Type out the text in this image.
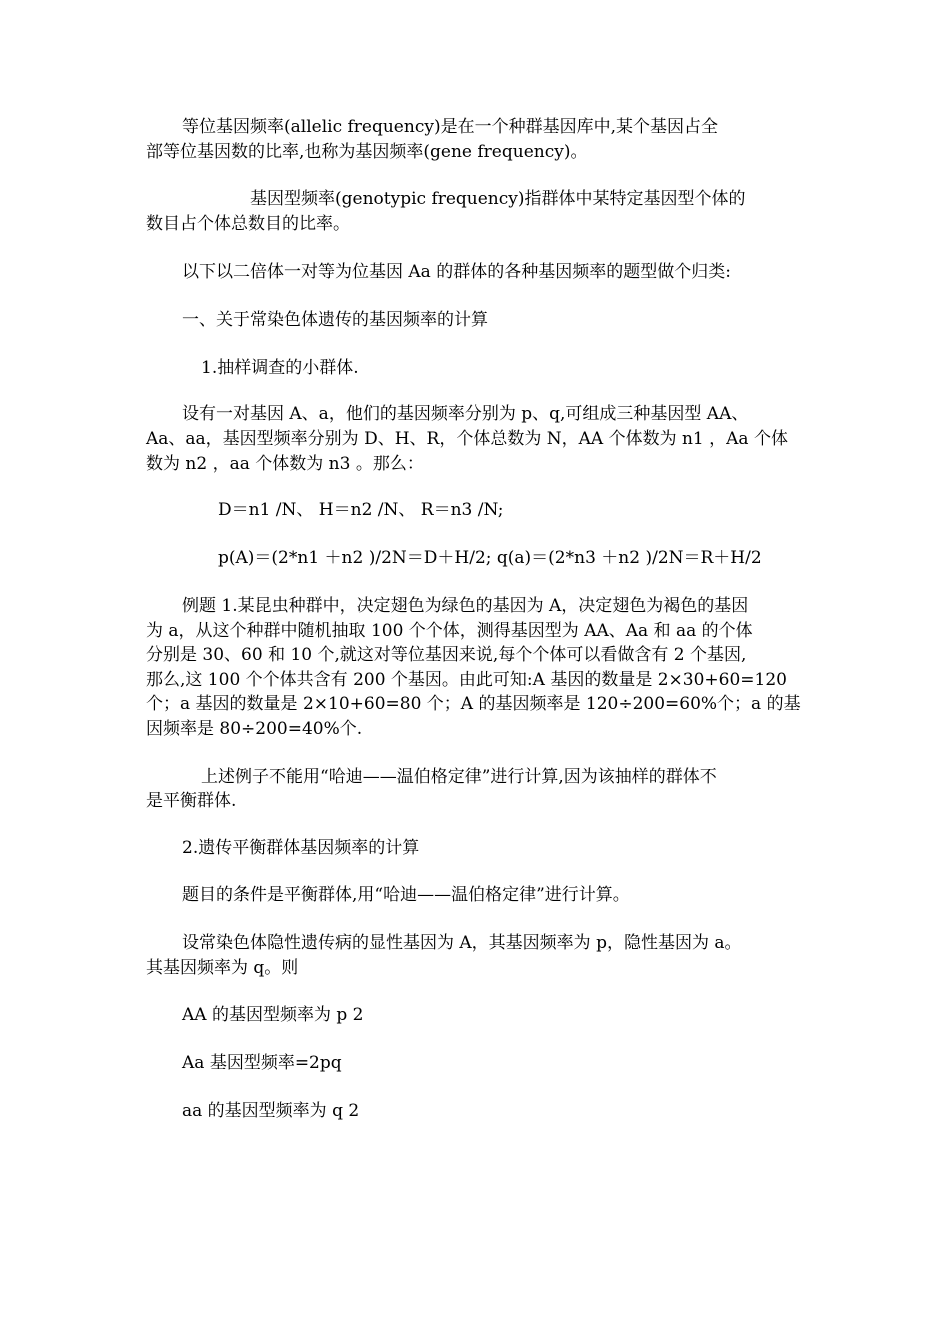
等位基因频率(allelic frequency)是在一个种群基因库中,某个基因占全
部等位基因数的比率,也称为基因频率(gene frequency)。
基因型频率(genotypic frequency)指群体中某特定基因型个体的
数目占个体总数目的比率。
以下以二倍体一对等为位基因 Aa 的群体的各种基因频率的题型做个归类:
一、关于常染色体遗传的基因频率的计算
1.抽样调查的小群体.
设有一对基因 A、a，他们的基因频率分别为 p、q,可组成三种基因型 AA、
Aa、aa，基因型频率分别为 D、H、R，个体总数为 N，AA 个体数为 n1 ，Aa 个体
数为 n2 ，aa 个体数为 n3 。那么：
D＝n1 /N、 H＝n2 /N、 R＝n3 /N;
p(A)＝(2*n1 ＋n2 )/2N＝D＋H/2; q(a)＝(2*n3 ＋n2 )/2N＝R＋H/2
例题 1.某昆虫种群中，决定翅色为绿色的基因为 A，决定翅色为褐色的基因
为 a，从这个种群中随机抽取 100 个个体，测得基因型为 AA、Aa 和 aa 的个体
分别是 30、60 和 10 个,就这对等位基因来说,每个个体可以看做含有 2 个基因,
那么,这 100 个个体共含有 200 个基因。由此可知:A 基因的数量是 2×30+60=120
个；a 基因的数量是 2×10+60=80 个；A 的基因频率是 120÷200=60%个；a 的基
因频率是 80÷200=40%个.
上述例子不能用“哈迪——温伯格定律”进行计算,因为该抽样的群体不
是平衡群体.
2.遗传平衡群体基因频率的计算
题目的条件是平衡群体,用“哈迪——温伯格定律”进行计算。
设常染色体隐性遗传病的显性基因为 A，其基因频率为 p，隐性基因为 a。
其基因频率为 q。则
AA 的基因型频率为 p 2
Aa 基因型频率=2pq
aa 的基因型频率为 q 2
